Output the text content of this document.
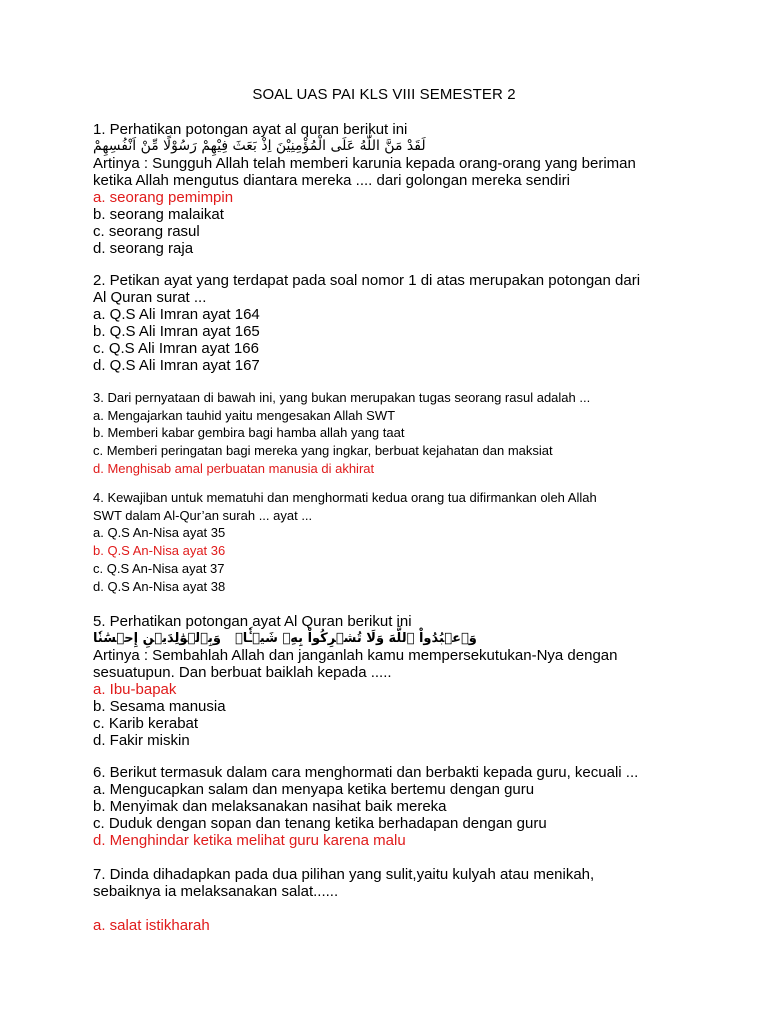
SOAL UAS PAI KLS VIII SEMESTER 2
1. Perhatikan potongan ayat al quran berikut ini
لَقَدْ مَنَّ اللّٰهُ عَلَى الْمُؤْمِنِيْنَ اِذْ بَعَثَ فِيْهِمْ رَسُوْلًا مِّنْ اَنْفُسِهِمْ
Artinya : Sungguh Allah telah memberi karunia kepada orang-orang yang beriman
ketika Allah mengutus diantara mereka .... dari golongan mereka sendiri
a. seorang pemimpin
b. seorang malaikat
c. seorang rasul
d. seorang raja
2. Petikan ayat yang terdapat pada soal nomor 1 di atas merupakan potongan dari
Al Quran surat ...
a. Q.S Ali Imran ayat 164
b. Q.S Ali Imran ayat 165
c. Q.S Ali Imran ayat 166
d. Q.S Ali Imran ayat 167
3. Dari pernyataan di bawah ini, yang bukan merupakan tugas seorang rasul adalah ...
a. Mengajarkan tauhid yaitu mengesakan Allah SWT
b. Memberi kabar gembira bagi hamba allah yang taat
c. Memberi peringatan bagi mereka yang ingkar, berbuat kejahatan dan maksiat
d. Menghisab amal perbuatan manusia di akhirat
4. Kewajiban untuk mematuhi dan menghormati kedua orang tua difirmankan oleh Allah
SWT dalam Al-Qur’an surah ... ayat ...
a. Q.S An-Nisa ayat 35
b. Q.S An-Nisa ayat 36
c. Q.S An-Nisa ayat 37
d. Q.S An-Nisa ayat 38
5. Perhatikan potongan ayat Al Quran berikut ini
وَبِٱلۡوَٰلِدَيۡنِ إِحۡسَٰنٗا وَٱعۡبُدُواْ ٱللَّهَ وَلَا تُشۡرِكُواْ بِهِۦ شَيۡـٔٗاۖ
Artinya : Sembahlah Allah dan janganlah kamu mempersekutukan-Nya dengan
sesuatupun. Dan berbuat baiklah kepada .....
a. Ibu-bapak
b. Sesama manusia
c. Karib kerabat
d. Fakir miskin
6. Berikut termasuk dalam cara menghormati dan berbakti kepada guru, kecuali ...
a. Mengucapkan salam dan menyapa ketika bertemu dengan guru
b. Menyimak dan melaksanakan nasihat baik mereka
c. Duduk dengan sopan dan tenang ketika berhadapan dengan guru
d. Menghindar ketika melihat guru karena malu
7. Dinda dihadapkan pada dua pilihan yang sulit,yaitu kulyah atau menikah,
sebaiknya ia melaksanakan salat......
a. salat istikharah
